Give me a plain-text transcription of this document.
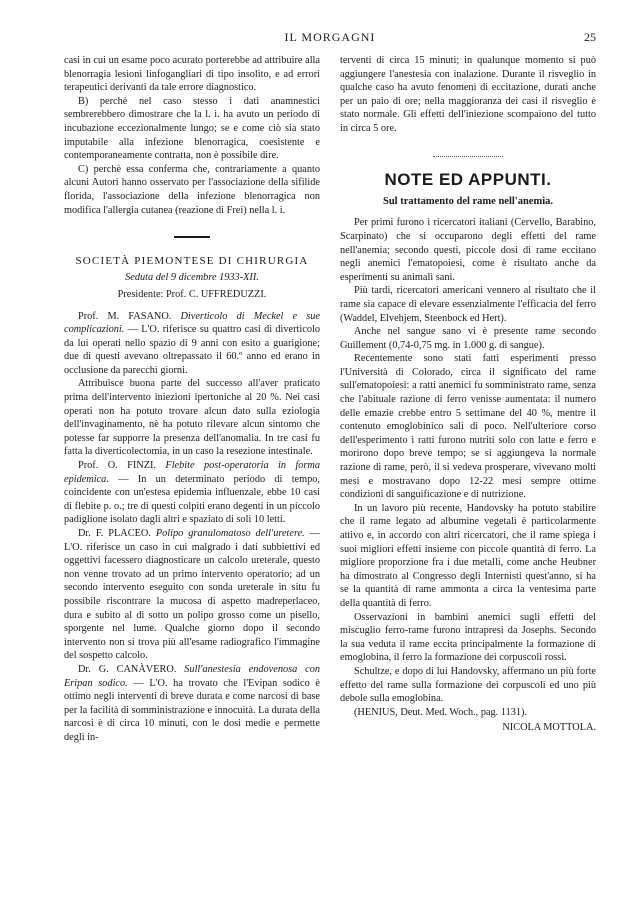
IL MORGAGNI	25

casi in cui un esame poco acurato porterebbe ad attribuire alla blenorragia lesioni linfogangliari di tipo insolito, e ad errori terapeutici derivanti da tale errore diagnostico.

B) perchè nel caso stesso i dati anamnestici sembrerebbero dimostrare che la l. i. ha avuto un periodo di incubazione eccezionalmente lungo; se e come ciò sia stato imputabile alla infezione blenorragica, coesistente e contemporaneamente contratta, non è possibile dire.

C) perchè essa conferma che, contrariamente a quanto alcuni Autori hanno osservato per l'associazione della sifilide florida, l'associazione della infezione blenorragica non modifica l'allergia cutanea (reazione di Frei) nella l. i.

SOCIETÀ PIEMONTESE DI CHIRURGIA
Seduta del 9 dicembre 1933-XII.
Presidente: Prof. C. UFFREDUZZI.

Prof. M. FASANO. Diverticolo di Meckel e sue complicazioni. — L'O. riferisce su quattro casi di diverticolo da lui operati nello spazio di 9 anni con esito a guarigione; due di questi avevano oltrepassato il 60.º anno ed erano in occlusione da parecchi giorni.

Attribuisce buona parte del successo all'aver praticato prima dell'intervento iniezioni ipertoniche al 20 %. Nei casi operati non ha potuto trovare alcun dato sulla eziologia dell'invaginamento, nè ha potuto rilevare alcun sintomo che potesse far supporre la presenza dell'anomalia. In tre casi fu fatta la diverticolectomia, in un caso la resezione intestinale.

Prof. O. FINZI. Flebite post-operatoria in forma epidemica. — In un determinato periodo di tempo, coincidente con un'estesa epidemia influenzale, ebbe 10 casi di flebite p. o.; tre di questi colpiti erano degenti in un piccolo padiglione isolato dagli altri e spaziato di soli 10 letti.

Dr. F. PLACEO. Polipo granulomatoso dell'uretere. — L'O. riferisce un caso in cui malgrado i dati subbiettivi ed oggettivi facessero diagnosticare un calcolo ureterale, questo non venne trovato ad un primo intervento operatorio; ad un secondo intervento eseguito con sonda ureterale in situ fu possibile riscontrare la mucosa di aspetto madreperlaceo, dura e subito al di sotto un polipo grosso come un pisello, sporgente nel lume. Qualche giorno dopo il secondo intervento non si trova più all'esame radiografico l'immagine del sospetto calcolo.

Dr. G. CANÀVERO. Sull'anestesia endovenosa con Eripan sodico. — L'O. ha trovato che l'Evipan sodico è ottimo negli interventi di breve durata e come narcosi di base per la facilità di somministrazione e innocuità. La durata della narcosi è di circa 10 minuti, con le dosi medie e permette degli in-

terventi di circa 15 minuti; in qualunque momento si può aggiungere l'anestesia con inalazione. Durante il risveglio in qualche caso ha avuto fenomeni di eccitazione, durati anche per un paio di ore; nella maggioranza dei casi il risveglio è stato normale. Gli effetti dell'iniezione scompaiono del tutto in circa 5 ore.

NOTE ED APPUNTI.
Sul trattamento del rame nell'anemia.

Per primi furono i ricercatori italiani (Cervello, Barabino, Scarpinato) che si occuparono degli effetti del rame nell'anemia; secondo questi, piccole dosi di rame eccitano negli anemici l'ematopoiesi, come è risultato anche da esperimenti su animali sani.

Più tardi, ricercatori americani vennero al risultato che il rame sia capace di elevare essenzialmente l'efficacia del ferro (Waddel, Elvehjem, Steenbock ed Hert).

Anche nel sangue sano vi è presente rame secondo Guillement (0,74-0,75 mg. in 1.000 g. di sangue).

Recentemente sono stati fatti esperimenti presso l'Università di Colorado, circa il significato del rame sull'ematopoiesi: a ratti anemici fu somministrato rame, senza che l'abituale razione di ferro venisse aumentata: il numero delle emazie crebbe entro 5 settimane del 40 %, mentre il contenuto emoglobinico salì di poco. Nell'ulteriore corso dell'esperimento i ratti furono nutriti solo con latte e ferro e morirono dopo breve tempo; se si aggiungeva la normale razione di rame, però, il si vedeva prosperare, vivevano molti mesi e mostravano dopo 12-22 mesi sempre ottime condizioni di sanguificazione e di nutrizione.

In un lavoro più recente, Handovsky ha potuto stabilire che il rame legato ad albumine vegetali è particolarmente attivo e, in accordo con altri ricercatori, che il rame spiega i suoi migliori effetti insieme con piccole quantità di ferro. La migliore proporzione fra i due metalli, come anche Heubner ha dimostrato al Congresso degli Internisti quest'anno, si ha se la quantità di rame ammonta a circa la ventesima parte della quantità di ferro.

Osservazioni in bambini anemici sugli effetti del miscuglio ferro-rame furono intrapresi da Josephs. Secondo la sua veduta il rame eccita principalmente la formazione di emoglobina, il ferro la formazione dei corpuscoli rossi.

Schultze, e dopo di lui Handovsky, affermano un più forte effetto del rame sulla formazione dei corpuscoli ed uno più debole sulla emoglobina.

(HENIUS, Deut. Med. Woch., pag. 1131).

NICOLA MOTTOLA.
